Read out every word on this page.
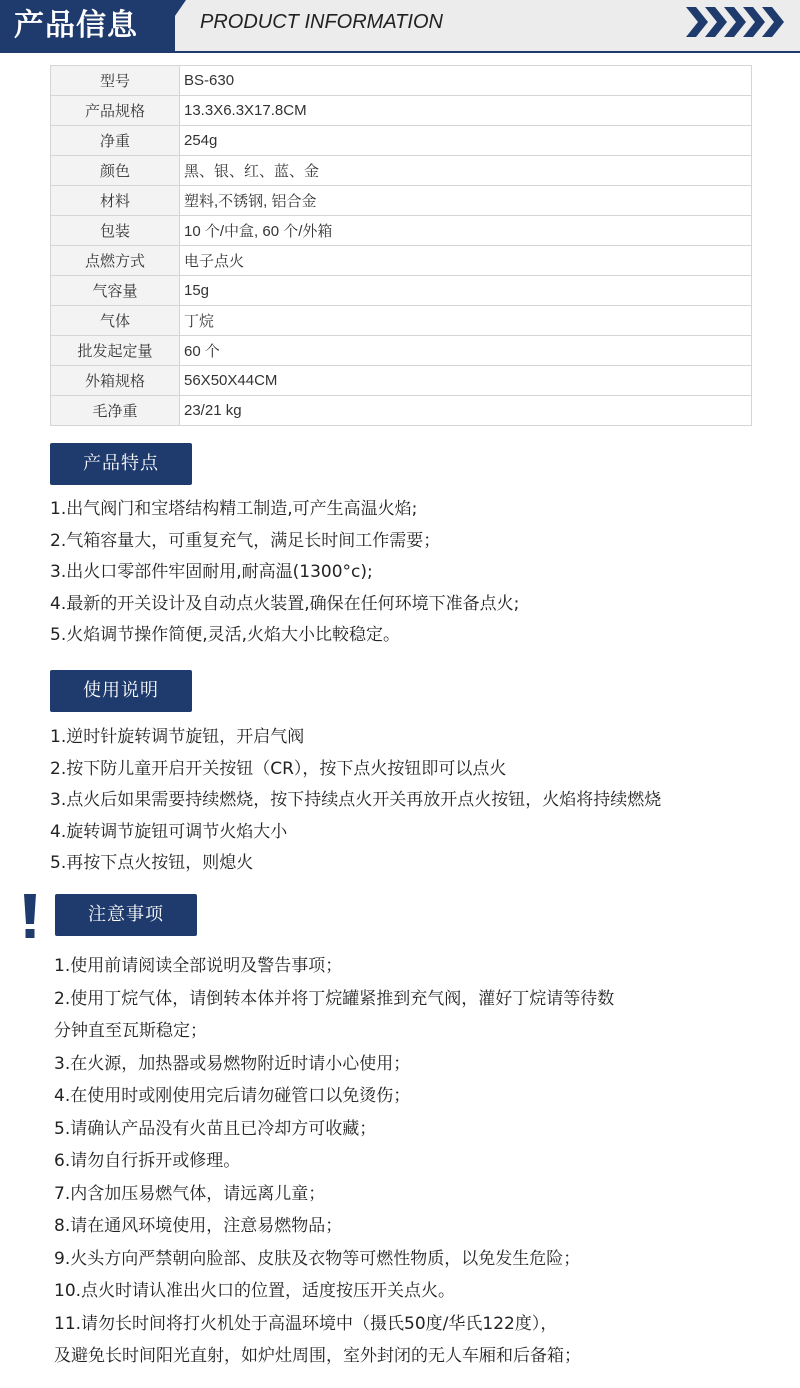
产品信息	PRODUCT INFORMATION
型号	BS-630
产品规格	13.3X6.3X17.8CM
净重	254g
颜色	黑、银、红、蓝、金
材料	塑料,不锈钢, 铝合金
包装	10 个/中盒, 60 个/外箱
点燃方式	电子点火
气容量	15g
气体	丁烷
批发起定量	60 个
外箱规格	56X50X44CM
毛净重	23/21 kg
产品特点
1.出气阀门和宝塔结构精工制造,可产生高温火焰;
2.气箱容量大，可重复充气，满足长时间工作需要；
3.出火口零部件牢固耐用,耐高温(1300°c);
4.最新的开关设计及自动点火装置,确保在任何环境下准备点火;
5.火焰调节操作简便,灵活,火焰大小比較稳定。
使用说明
1.逆时针旋转调节旋钮，开启气阀
2.按下防儿童开启开关按钮（CR），按下点火按钮即可以点火
3.点火后如果需要持续燃烧，按下持续点火开关再放开点火按钮，火焰将持续燃烧
4.旋转调节旋钮可调节火焰大小
5.再按下点火按钮，则熄火
注意事项
1.使用前请阅读全部说明及警告事项；
2.使用丁烷气体，请倒转本体并将丁烷罐紧推到充气阀，灌好丁烷请等待数
分钟直至瓦斯稳定；
3.在火源，加热器或易燃物附近时请小心使用；
4.在使用时或刚使用完后请勿碰管口以免烫伤；
5.请确认产品没有火苗且已冷却方可收藏；
6.请勿自行拆开或修理。
7.内含加压易燃气体，请远离儿童；
8.请在通风环境使用，注意易燃物品；
9.火头方向严禁朝向脸部、皮肤及衣物等可燃性物质，以免发生危险；
10.点火时请认准出火口的位置，适度按压开关点火。
11.请勿长时间将打火机处于高温环境中（摄氏50度/华氏122度），
及避免长时间阳光直射，如炉灶周围，室外封闭的无人车厢和后备箱；
